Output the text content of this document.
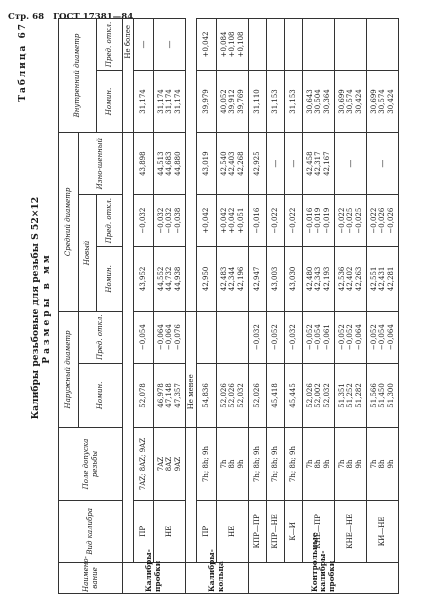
Стр. 68 ГОСТ 17381—84
Таблица 67
Калибры резьбовые для резьбы S 52×12 Размеры в мм
Наимено-вание	Вид калибра	Поле допуска резьбы	Наружный диаметр		Средний диаметр			Внутренний диаметр	
			Номин.	Пред. откл.	Новый		Изно-шенный		
					Номин.	Пред. откл.		Номин.	Пред. откл.
Калибры-пробки								Не более	
	ПР	7AZ; 8AZ; 9AZ	52,078	−0,054	43,952	−0,032	43,898	31,174	—
	НЕ	7AZ
8AZ
9AZ	46,978
47,148
47,357	−0,064
−0,064
−0,076	44,552
44,732
44,938	−0,032
−0,032
−0,038	44,513
44,683
44,880	31,174
31,174
31,174	—
Калибры-кольца			Не менее						
	ПР	7h; 8h; 9h	54,836		42,950	+0,042	43,019	39,979	+0,042
	НЕ	7h
8h
9h	52,026
52,026
52,032		42,483
42,344
42,196	+0,042
+0,042
+0,051	42,540
42,403
42,268	40,052
39,912
39,769	+0,084
+0,108
+0,108
Контрольные калибры-пробки	КПР—ПР	7h; 8h; 9h	52,026	−0,032	42,947	−0,016	42,925	31,110	
	КПР—НЕ	7h; 8h; 9h	45,418	−0,052	43,003	−0,022	—	31,153	
	К—И	7h; 8h; 9h	45,445	−0,032	43,030	−0,022	—	31,153	
	КНЕ—ПР	7h
8h
9h	52,026
52,002
52,032	−0,052
−0,054
−0,061	42,480
42,343
42,193	−0,016
−0,019
−0,019	42,458
42,317
42,167	30,643
30,504
30,364	
	КНЕ—НЕ	7h
8h
9h	51,351
51,252
51,282	−0,052
−0,052
−0,064	42,536
42,402
42,263	−0,022
−0,025
−0,025	—	30,699
30,574
30,424	
	КИ—НЕ	7h
8h
9h	51,566
51,450
51,300	−0,052
−0,054
−0,064	42,551
42,431
42,281	−0,022
−0,026
−0,026	—	30,699
30,574
30,424	
